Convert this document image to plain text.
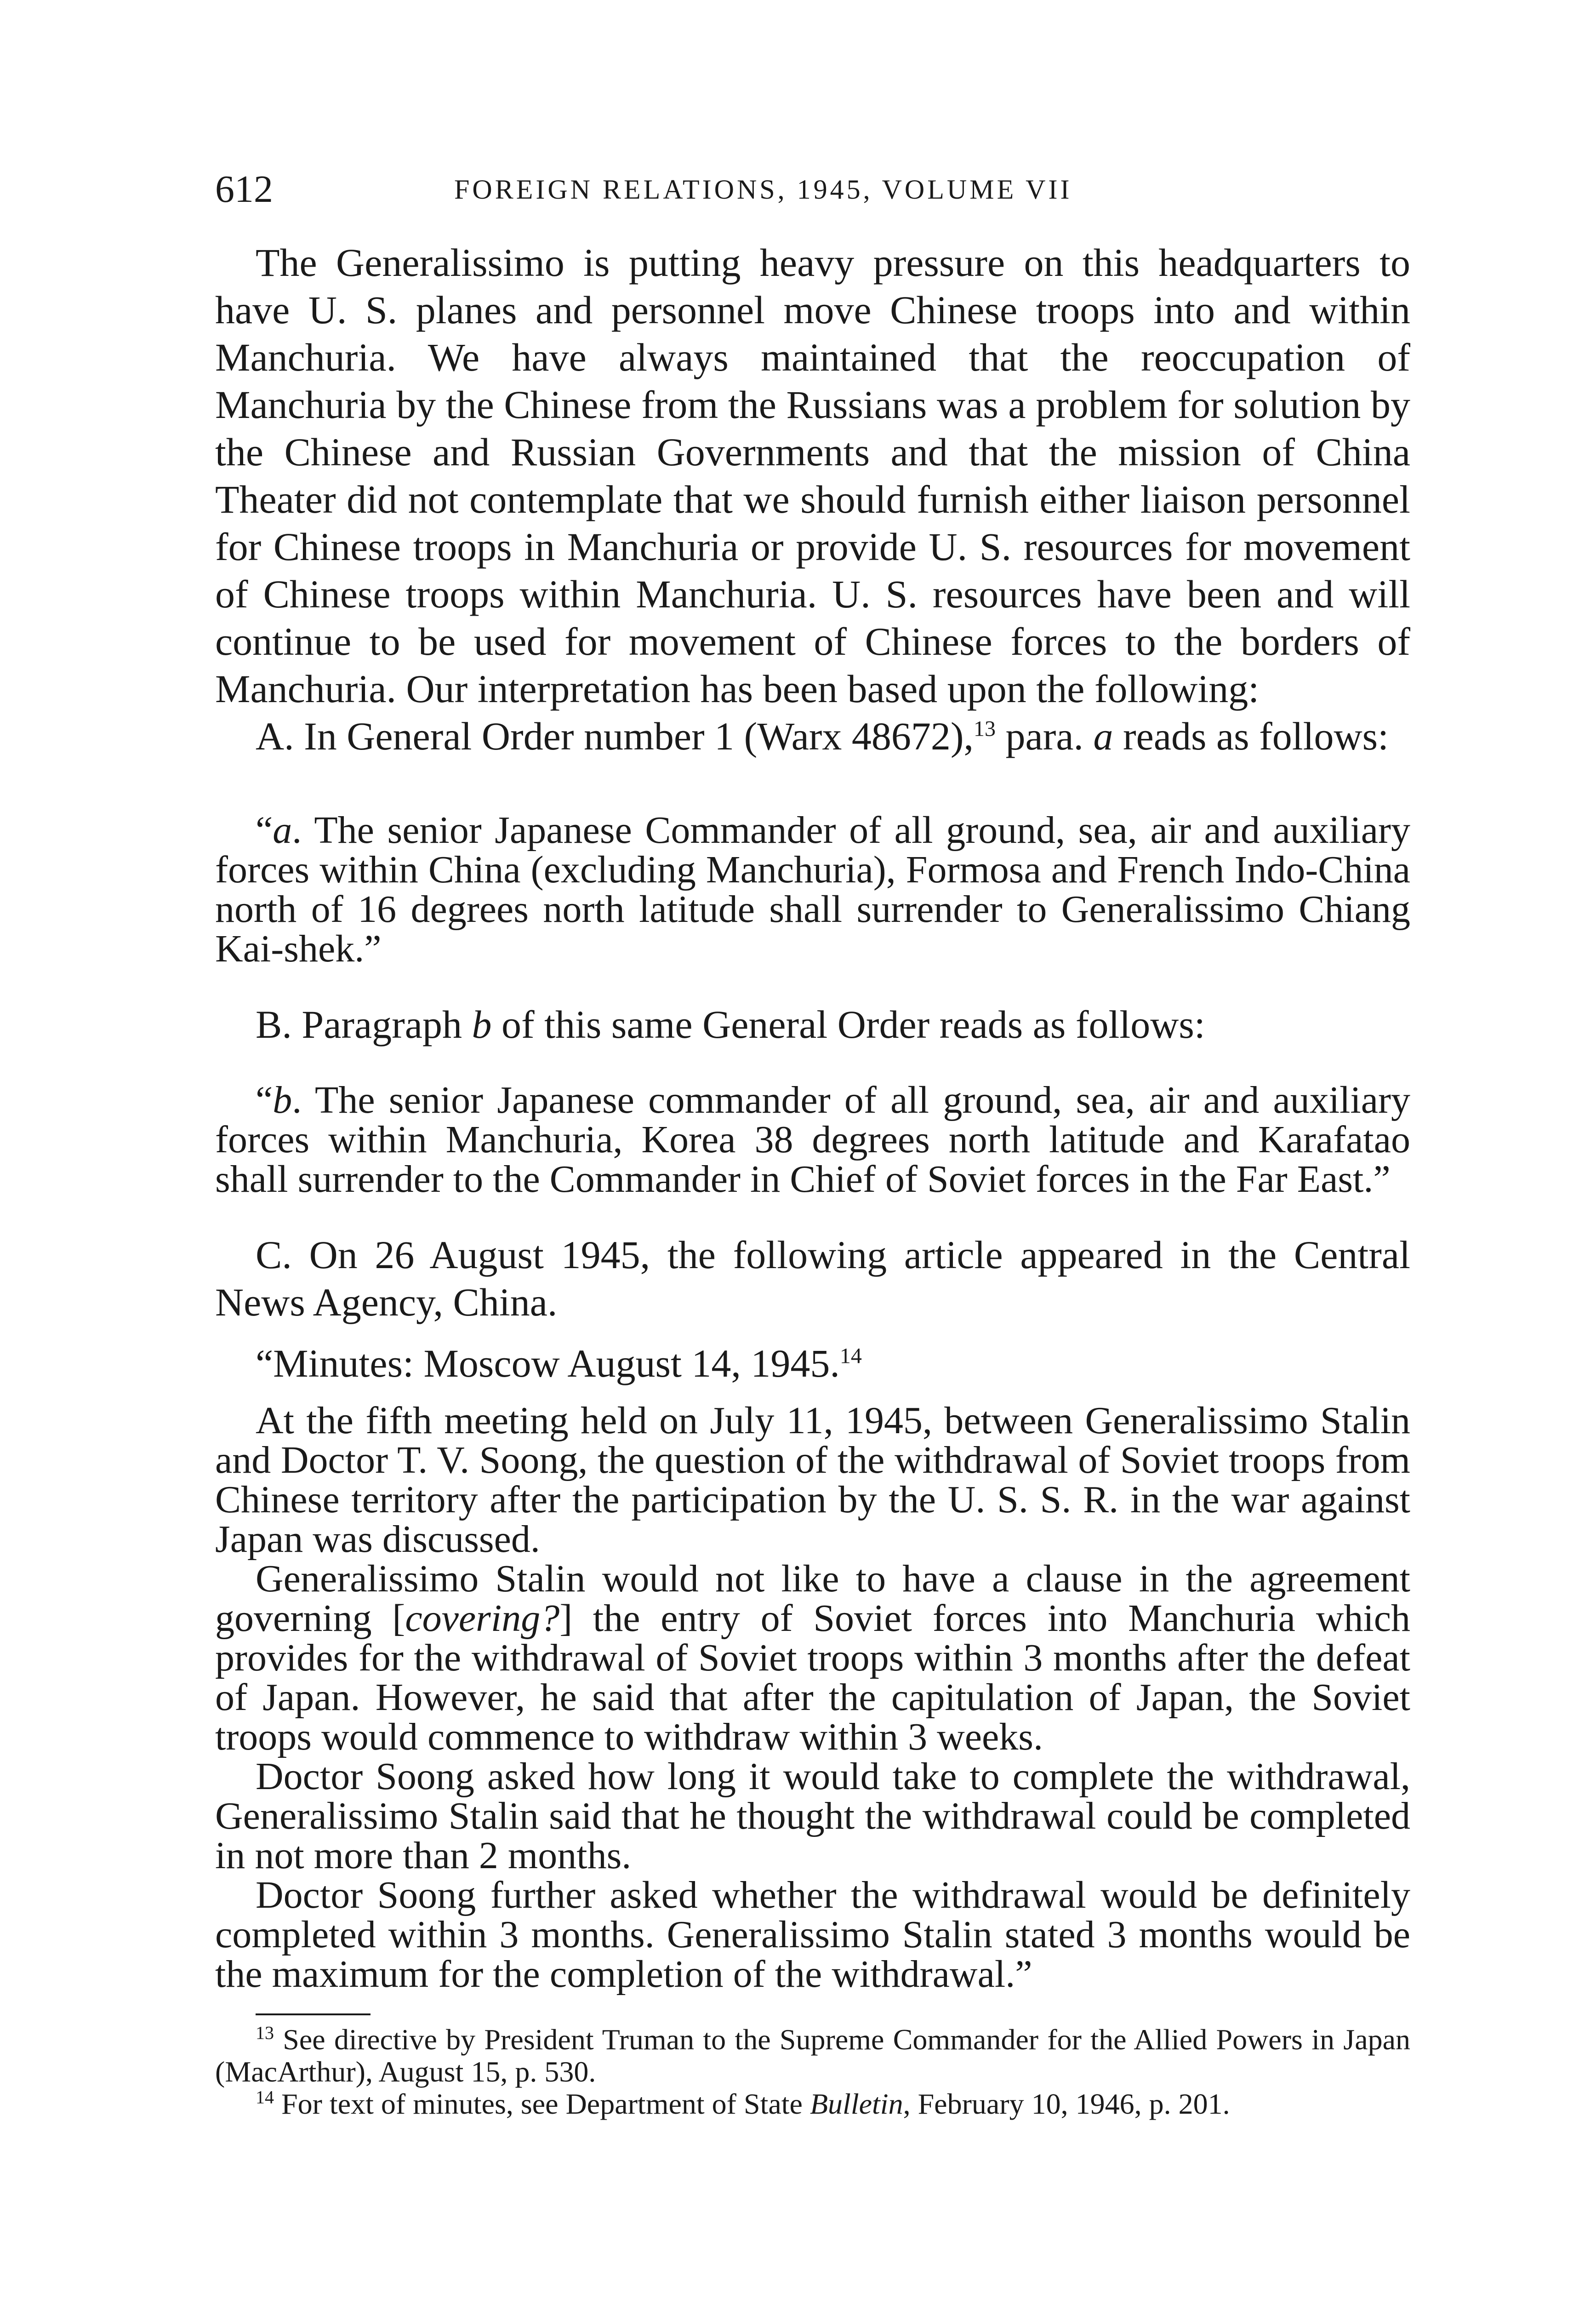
612	FOREIGN RELATIONS, 1945, VOLUME VII

The Generalissimo is putting heavy pressure on this headquarters to have U. S. planes and personnel move Chinese troops into and within Manchuria. We have always maintained that the reoccupation of Manchuria by the Chinese from the Russians was a problem for solution by the Chinese and Russian Governments and that the mission of China Theater did not contemplate that we should furnish either liaison personnel for Chinese troops in Manchuria or provide U. S. resources for movement of Chinese troops within Manchuria. U. S. resources have been and will continue to be used for movement of Chinese forces to the borders of Manchuria. Our interpretation has been based upon the following:

A. In General Order number 1 (Warx 48672),$^{13}$ para. a reads as follows:

“a. The senior Japanese Commander of all ground, sea, air and auxiliary forces within China (excluding Manchuria), Formosa and French Indo-China north of 16 degrees north latitude shall surrender to Generalissimo Chiang Kai-shek.”

B. Paragraph b of this same General Order reads as follows:

“b. The senior Japanese commander of all ground, sea, air and auxiliary forces within Manchuria, Korea 38 degrees north latitude and Karafatao shall surrender to the Commander in Chief of Soviet forces in the Far East.”

C. On 26 August 1945, the following article appeared in the Central News Agency, China.

“Minutes: Moscow August 14, 1945.14

At the fifth meeting held on July 11, 1945, between Generalissimo Stalin and Doctor T. V. Soong, the question of the withdrawal of Soviet troops from Chinese territory after the participation by the U. S. S. R. in the war against Japan was discussed.

Generalissimo Stalin would not like to have a clause in the agreement governing [covering?] the entry of Soviet forces into Manchuria which provides for the withdrawal of Soviet troops within 3 months after the defeat of Japan. However, he said that after the capitulation of Japan, the Soviet troops would commence to withdraw within 3 weeks.

Doctor Soong asked how long it would take to complete the withdrawal, Generalissimo Stalin said that he thought the withdrawal could be completed in not more than 2 months.

Doctor Soong further asked whether the withdrawal would be definitely completed within 3 months. Generalissimo Stalin stated 3 months would be the maximum for the completion of the withdrawal.”

$^{13}$ See directive by President Truman to the Supreme Commander for the Allied Powers in Japan (MacArthur), August 15, p. 530.

$^{14}$ For text of minutes, see Department of State Bulletin, February 10, 1946, p. 201.
